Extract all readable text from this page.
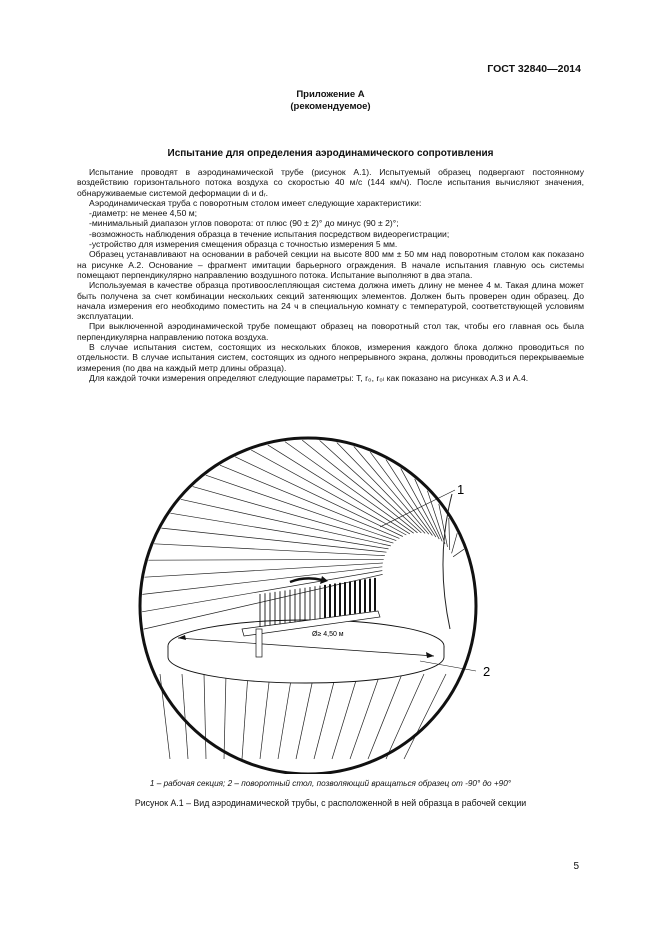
ГОСТ 32840—2014
Приложение А
(рекомендуемое)
Испытание для определения аэродинамического сопротивления

Испытание проводят в аэродинамической трубе (рисунок А.1). Испытуемый образец подвергают постоянному воздействию горизонтального потока воздуха со скоростью 40 м/с (144 км/ч). После испытания вычисляют значения, обнаруживаемые системой деформации dₗ и dᵣ.

Аэродинамическая труба с поворотным столом имеет следующие характеристики:

-диаметр: не менее 4,50 м;

-минимальный диапазон углов поворота: от плюс (90 ± 2)° до минус (90 ± 2)°;

-возможность наблюдения образца в течение испытания посредством видеорегистрации;

-устройство для измерения смещения образца с точностью измерения 5 мм.

Образец устанавливают на основании в рабочей секции на высоте 800 мм ± 50 мм над поворотным столом как показано на рисунке А.2. Основание – фрагмент имитации барьерного ограждения. В начале испытания главную ось системы помещают перпендикулярно направлению воздушного потока. Испытание выполняют в два этапа.

Используемая в качестве образца противоослепляющая система должна иметь длину не менее 4 м. Такая длина может быть получена за счет комбинации нескольких секций затеняющих элементов. Должен быть проверен один образец. До начала измерения его необходимо поместить на 24 ч в специальную комнату с температурой, соответствующей условиям эксплуатации.

При выключенной аэродинамической трубе помещают образец на поворотный стол так, чтобы его главная ось была перпендикулярна направлению потока воздуха.

В случае испытания систем, состоящих из нескольких блоков, измерения каждого блока должно проводиться по отдельности. В случае испытания систем, состоящих из одного непрерывного экрана, должны проводиться перекрываемые измерения (по два на каждый метр длины образца).

Для каждой точки измерения определяют следующие параметры: T, r₀, r₀ₗ как показано на рисунках А.3 и А.4.

Ø≥ 4,50 м
1
2
1 – рабочая секция; 2 – поворотный стол, позволяющий вращаться образец от -90° до +90°
Рисунок А.1 – Вид аэродинамической трубы, с расположенной в ней образца в рабочей секции
5
